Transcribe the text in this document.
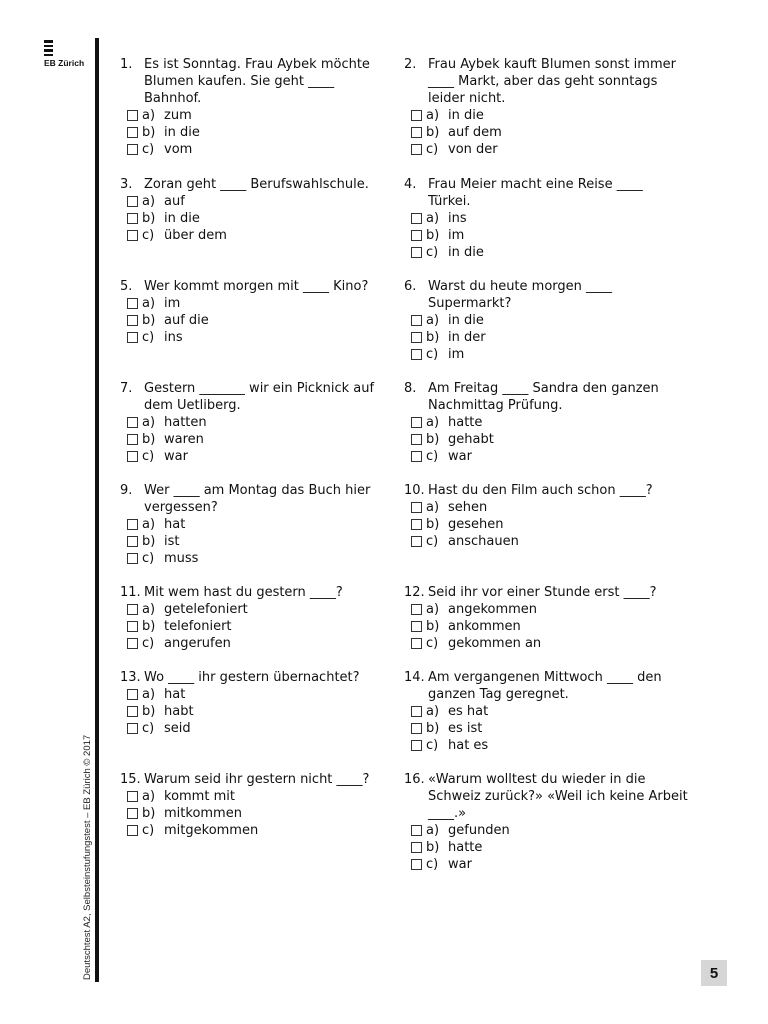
EB Zürich
Deutschtest A2, Selbsteinstufungstest – EB Zürich © 2017
1. Es ist Sonntag. Frau Aybek möchte
Blumen kaufen. Sie geht ____ Bahnhof.
a) zum
b) in die
c) vom
2. Frau Aybek kauft Blumen sonst immer
____ Markt, aber das geht sonntags
leider nicht.
a) in die
b) auf dem
c) von der
3. Zoran geht ____ Berufswahlschule.
a) auf
b) in die
c) über dem
4. Frau Meier macht eine Reise ____
Türkei.
a) ins
b) im
c) in die
5. Wer kommt morgen mit ____ Kino?
a) im
b) auf die
c) ins
6. Warst du heute morgen ____
Supermarkt?
a) in die
b) in der
c) im
7. Gestern _______ wir ein Picknick auf
dem Uetliberg.
a) hatten
b) waren
c) war
8. Am Freitag ____ Sandra den ganzen
Nachmittag Prüfung.
a) hatte
b) gehabt
c) war
9. Wer ____ am Montag das Buch hier
vergessen?
a) hat
b) ist
c) muss
10. Hast du den Film auch schon ____?
a) sehen
b) gesehen
c) anschauen
11. Mit wem hast du gestern ____?
a) getelefoniert
b) telefoniert
c) angerufen
12. Seid ihr vor einer Stunde erst ____?
a) angekommen
b) ankommen
c) gekommen an
13. Wo ____ ihr gestern übernachtet?
a) hat
b) habt
c) seid
14. Am vergangenen Mittwoch ____ den
ganzen Tag geregnet.
a) es hat
b) es ist
c) hat es
15. Warum seid ihr gestern nicht ____?
a) kommt mit
b) mitkommen
c) mitgekommen
16. «Warum wolltest du wieder in die
Schweiz zurück?» «Weil ich keine Arbeit
____.»
a) gefunden
b) hatte
c) war
5
